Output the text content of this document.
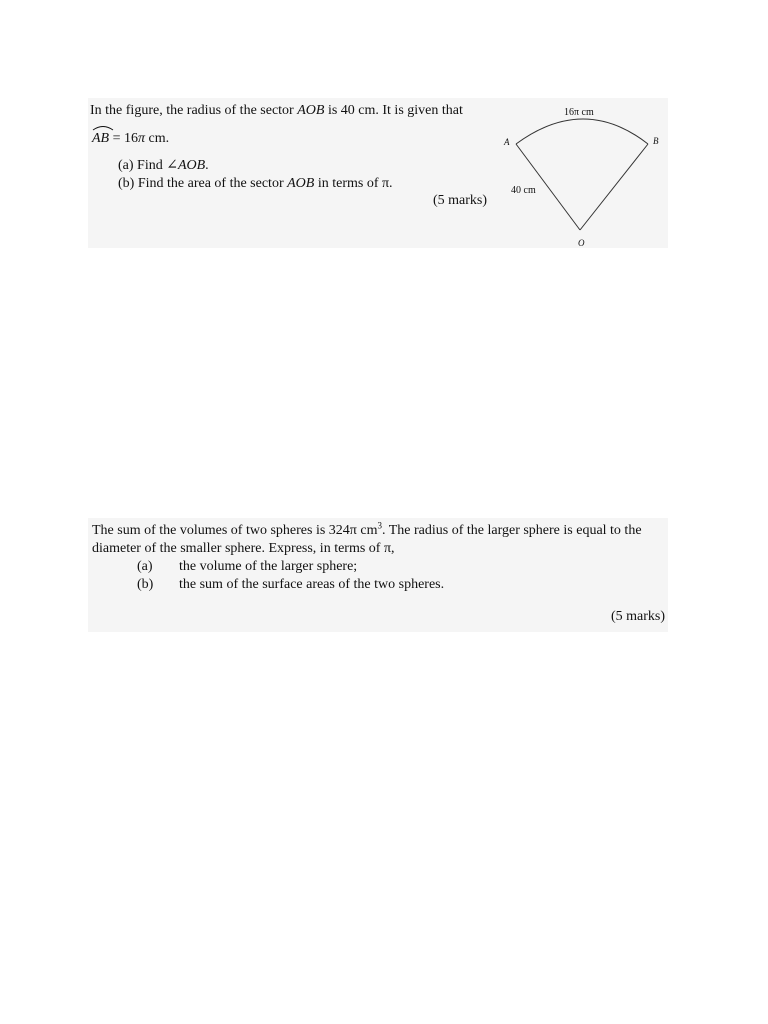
In the figure, the radius of the sector AOB is 40 cm. It is given that
AB = 16π cm.
(a) Find ∠AOB.
(b) Find the area of the sector AOB in terms of π.
(5 marks)
16π cm
A	B
40 cm
O
The sum of the volumes of two spheres is 324π $cm^3$. The radius of the larger sphere is equal to the
diameter of the smaller sphere. Express, in terms of π,
(a) the volume of the larger sphere;
(b) the sum of the surface areas of the two spheres.
(5 marks)
